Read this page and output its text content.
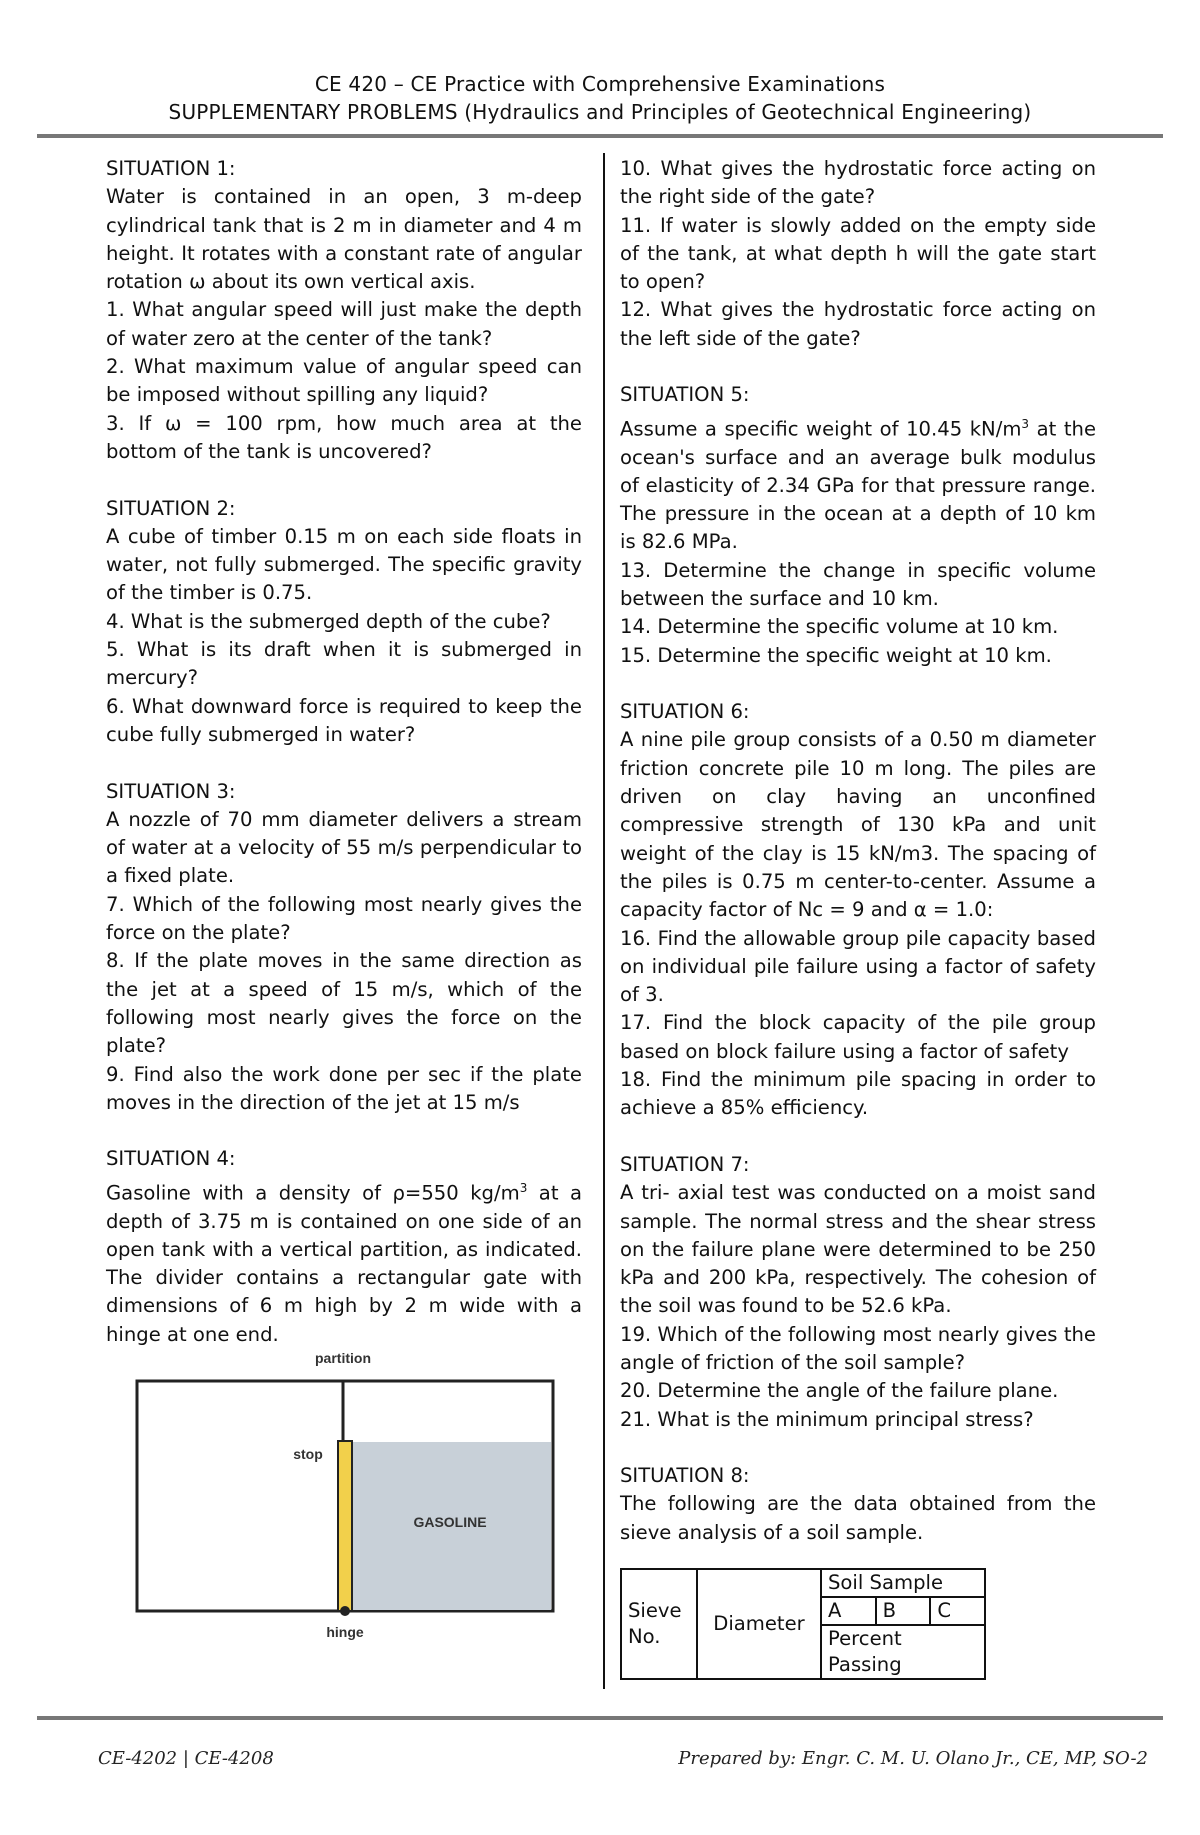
CE 420 – CE Practice with Comprehensive Examinations
SUPPLEMENTARY PROBLEMS (Hydraulics and Principles of Geotechnical Engineering)

SITUATION 1:

Water is contained in an open, 3 m-deep cylindrical tank that is 2 m in diameter and 4 m height. It rotates with a constant rate of angular rotation ω about its own vertical axis.

1. What angular speed will just make the depth of water zero at the center of the tank?

2. What maximum value of angular speed can be imposed without spilling any liquid?

3. If ω = 100 rpm, how much area at the bottom of the tank is uncovered?

SITUATION 2:

A cube of timber 0.15 m on each side floats in water, not fully submerged. The specific gravity of the timber is 0.75.

4. What is the submerged depth of the cube?

5. What is its draft when it is submerged in mercury?

6. What downward force is required to keep the cube fully submerged in water?

SITUATION 3:

A nozzle of 70 mm diameter delivers a stream of water at a velocity of 55 m/s perpendicular to a fixed plate.

7. Which of the following most nearly gives the force on the plate?

8. If the plate moves in the same direction as the jet at a speed of 15 m/s, which of the following most nearly gives the force on the plate?

9. Find also the work done per sec if the plate moves in the direction of the jet at 15 m/s

SITUATION 4:

Gasoline with a density of ρ=550 $kg/m^3$ at a depth of 3.75 m is contained on one side of an open tank with a vertical partition, as indicated. The divider contains a rectangular gate with dimensions of 6 m high by 2 m wide with a hinge at one end.

partition
stop
GASOLINE
hinge

10. What gives the hydrostatic force acting on the right side of the gate?

11. If water is slowly added on the empty side of the tank, at what depth h will the gate start to open?

12. What gives the hydrostatic force acting on the left side of the gate?

SITUATION 5:

Assume a specific weight of 10.45 $kN/m^3$ at the ocean's surface and an average bulk modulus of elasticity of 2.34 GPa for that pressure range. The pressure in the ocean at a depth of 10 km is 82.6 MPa.

13. Determine the change in specific volume between the surface and 10 km.

14. Determine the specific volume at 10 km.

15. Determine the specific weight at 10 km.

SITUATION 6:

A nine pile group consists of a 0.50 m diameter friction concrete pile 10 m long. The piles are driven on clay having an unconfined compressive strength of 130 kPa and unit weight of the clay is 15 kN/m3. The spacing of the piles is 0.75 m center-to-center. Assume a capacity factor of Nc = 9 and α = 1.0:

16. Find the allowable group pile capacity based on individual pile failure using a factor of safety of 3.

17. Find the block capacity of the pile group based on block failure using a factor of safety

18. Find the minimum pile spacing in order to achieve a 85% efficiency.

SITUATION 7:

A tri- axial test was conducted on a moist sand sample. The normal stress and the shear stress on the failure plane were determined to be 250 kPa and 200 kPa, respectively. The cohesion of the soil was found to be 52.6 kPa.

19. Which of the following most nearly gives the angle of friction of the soil sample?

20. Determine the angle of the failure plane.

21. What is the minimum principal stress?

SITUATION 8:

The following are the data obtained from the sieve analysis of a soil sample.

Sieve No.	Diameter	Soil Sample		
		A	B	C
		Percent Passing		
CE-4202 | CE-4208	Prepared by: Engr. C. M. U. Olano Jr., CE, MP, SO-2
